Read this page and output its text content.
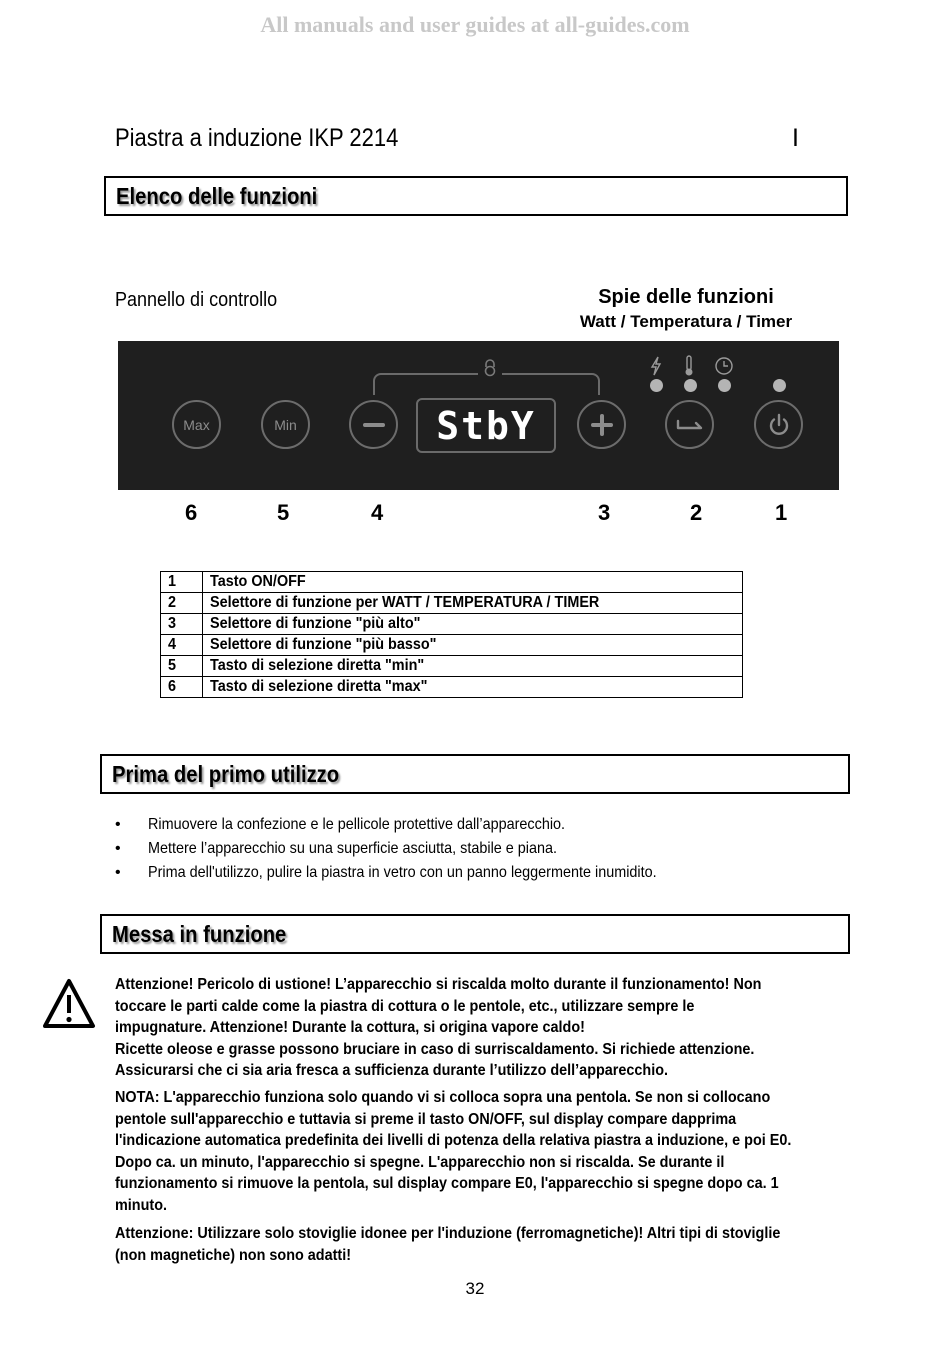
All manuals and user guides at all-guides.com
Piastra a induzione IKP 2214	I
Elenco delle funzioni
Pannello di controllo	Spie delle funzioni
Watt / Temperatura / Timer
Max	Min	StbY
6	5	4	3	2	1
1	Tasto ON/OFF
2	Selettore di funzione per WATT / TEMPERATURA / TIMER
3	Selettore di funzione "più alto"
4	Selettore di funzione "più basso"
5	Tasto di selezione diretta "min"
6	Tasto di selezione diretta "max"
Prima del primo utilizzo
• Rimuovere la confezione e le pellicole protettive dall’apparecchio.
• Mettere l’apparecchio su una superficie asciutta, stabile e piana.
• Prima dell'utilizzo, pulire la piastra in vetro con un panno leggermente inumidito.
Messa in funzione
Attenzione! Pericolo di ustione! L’apparecchio si riscalda molto durante il funzionamento! Non
toccare le parti calde come la piastra di cottura o le pentole, etc., utilizzare sempre le
impugnature. Attenzione! Durante la cottura, si origina vapore caldo!
Ricette oleose e grasse possono bruciare in caso di surriscaldamento. Si richiede attenzione.
Assicurarsi che ci sia aria fresca a sufficienza durante l’utilizzo dell’apparecchio.
NOTA: L'apparecchio funziona solo quando vi si colloca sopra una pentola. Se non si collocano
pentole sull'apparecchio e tuttavia si preme il tasto ON/OFF, sul display compare dapprima
l'indicazione automatica predefinita dei livelli di potenza della relativa piastra a induzione, e poi E0.
Dopo ca. un minuto, l'apparecchio si spegne. L'apparecchio non si riscalda. Se durante il
funzionamento si rimuove la pentola, sul display compare E0, l'apparecchio si spegne dopo ca. 1
minuto.
Attenzione: Utilizzare solo stoviglie idonee per l'induzione (ferromagnetiche)! Altri tipi di stoviglie
(non magnetiche) non sono adatti!
32
